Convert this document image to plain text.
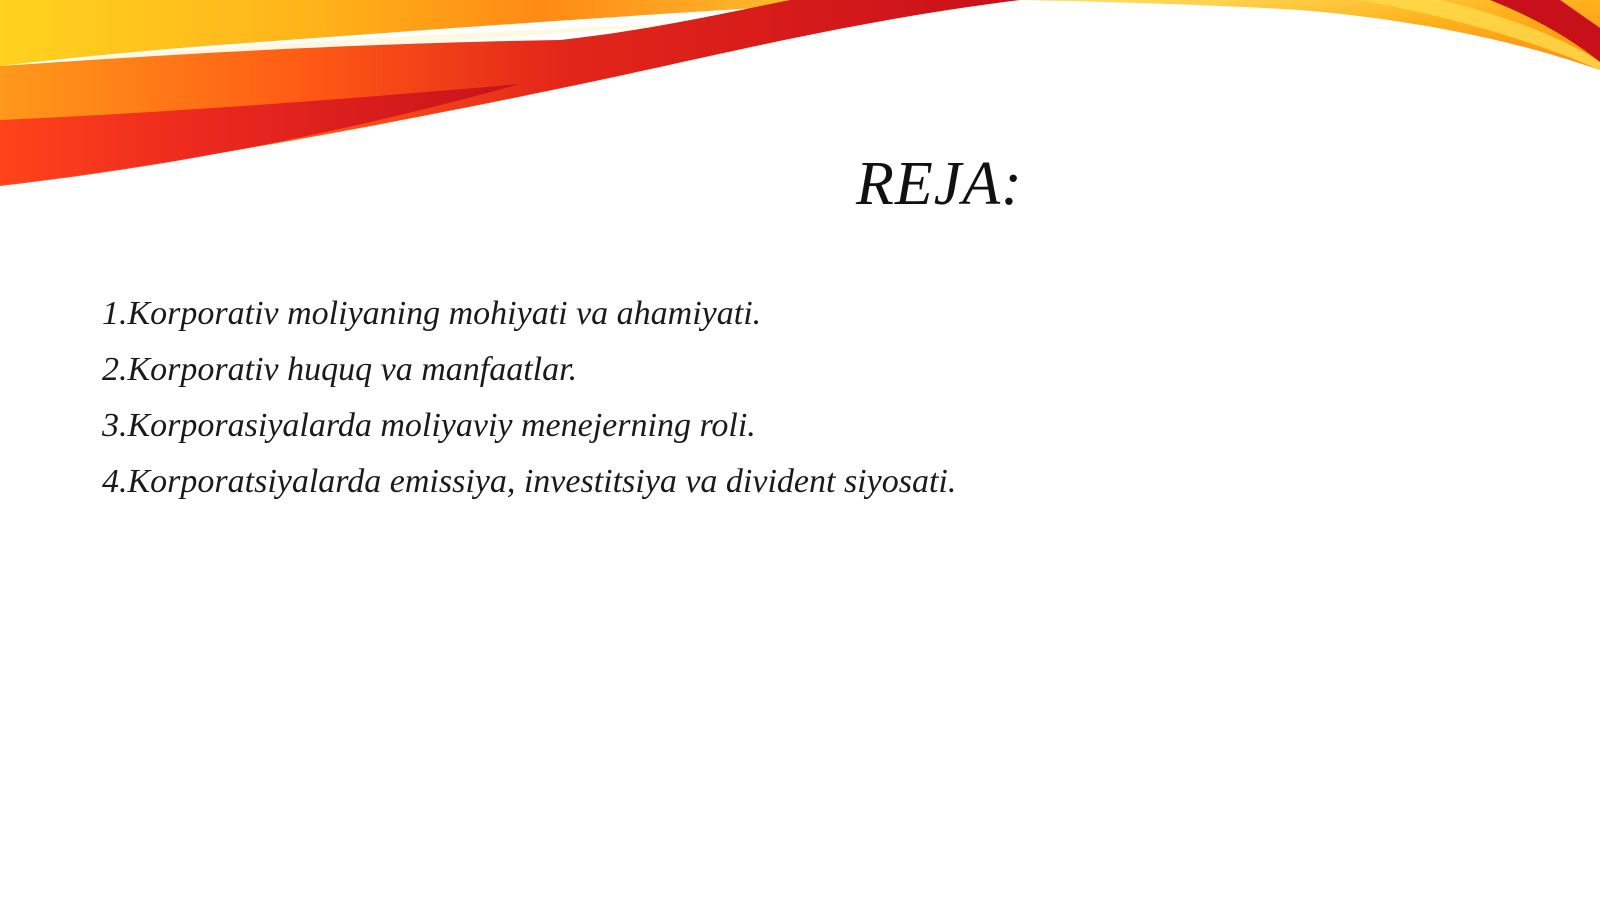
REJA:
1.Korporativ moliyaning mohiyati va ahamiyati.
2.Korporativ huquq va manfaatlar.
3.Korporasiyalarda moliyaviy menejerning roli.
4.Korporatsiyalarda emissiya, investitsiya va divident siyosati.
